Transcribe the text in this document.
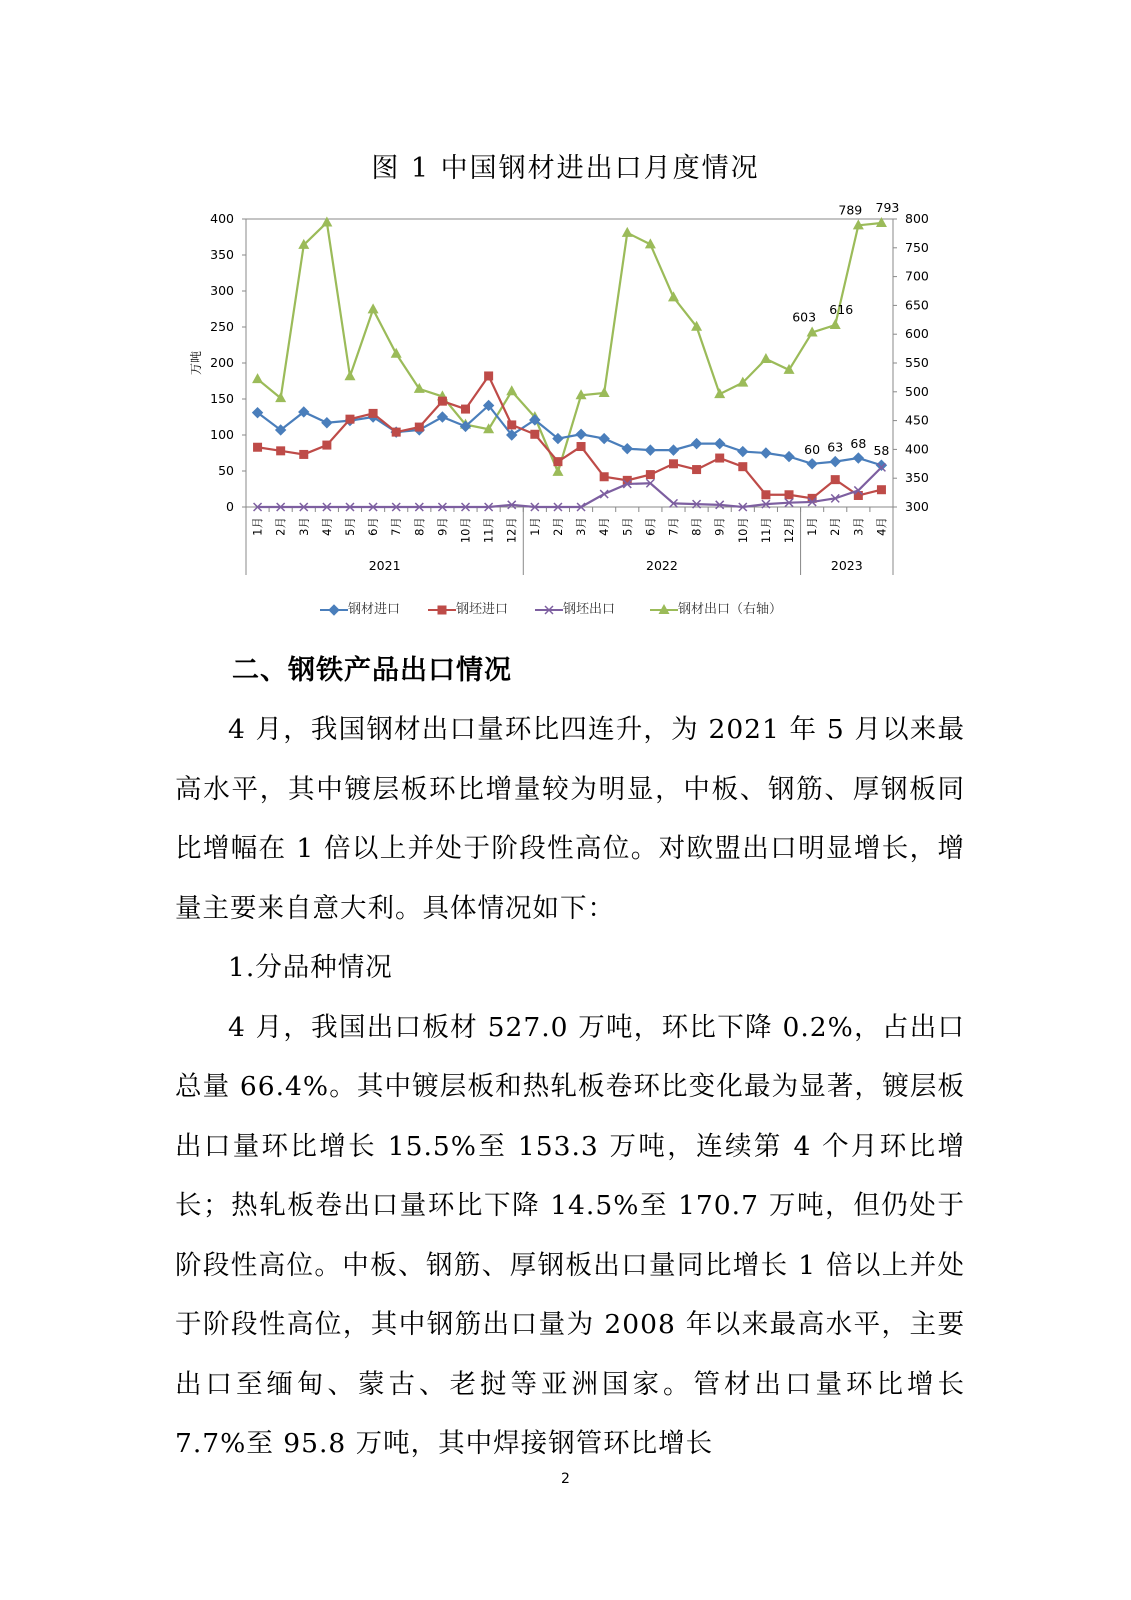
图 1 中国钢材进出口月度情况
0
50
100
150
200
250
300
350
400
300
350
400
450
500
550
600
650
700
750
800
万吨
1月 2月 3月 4月 5月 6月 7月 8月 9月 10月 11月 12月 1月 2月 3月 4月 5月 6月 7月 8月 9月 10月 11月 12月 1月 2月 3月 4月
2021	2022	2023
603 616
789 793
60 63 68 58
钢材进口	钢坯进口	钢坯出口	钢材出口（右轴）
二、钢铁产品出口情况

4 月，我国钢材出口量环比四连升，为 2021 年 5 月以来最高水平，其中镀层板环比增量较为明显，中板、钢筋、厚钢板同比增幅在 1 倍以上并处于阶段性高位。对欧盟出口明显增长，增量主要来自意大利。具体情况如下：

1.分品种情况

4 月，我国出口板材 527.0 万吨，环比下降 0.2%，占出口总量 66.4%。其中镀层板和热轧板卷环比变化最为显著，镀层板出口量环比增长 15.5%至 153.3 万吨，连续第 4 个月环比增长；热轧板卷出口量环比下降 14.5%至 170.7 万吨，但仍处于阶段性高位。中板、钢筋、厚钢板出口量同比增长 1 倍以上并处于阶段性高位，其中钢筋出口量为 2008 年以来最高水平，主要出口至缅甸、蒙古、老挝等亚洲国家。管材出口量环比增长 7.7%至 95.8 万吨，其中焊接钢管环比增长

2
